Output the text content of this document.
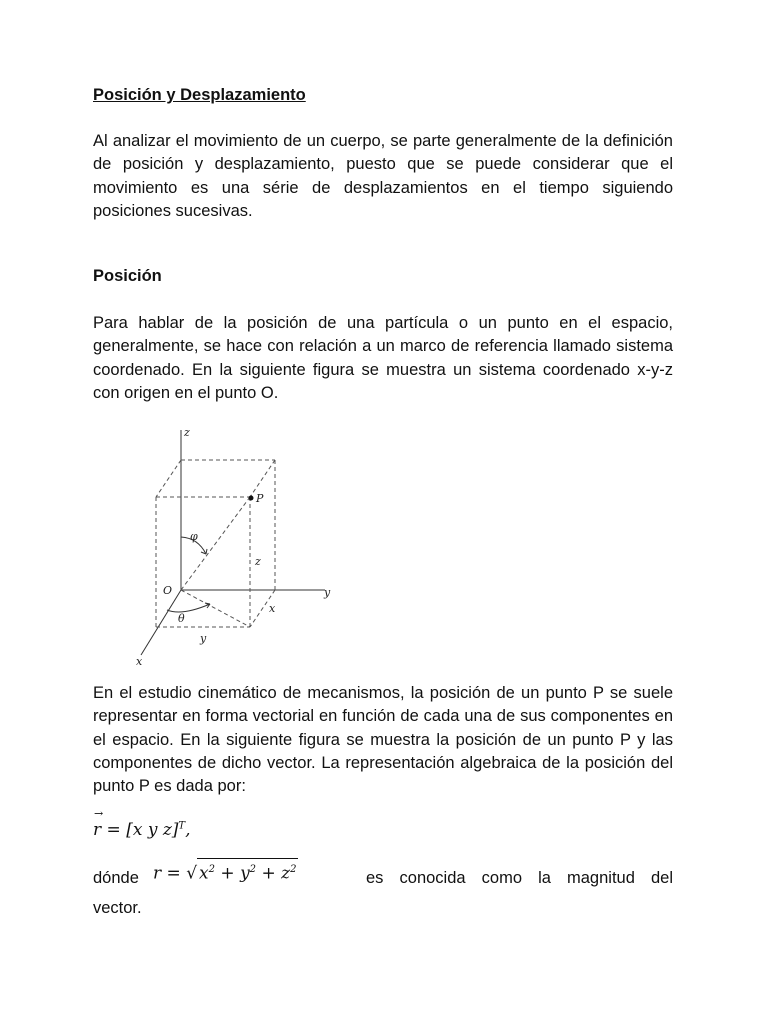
Posición y Desplazamiento

Al analizar el movimiento de un cuerpo, se parte generalmente de la definición de posición y desplazamiento, puesto que se puede considerar que el movimiento es una série de desplazamientos en el tiempo siguiendo posiciones sucesivas.

Posición

Para hablar de la posición de una partícula o un punto en el espacio, generalmente, se hace con relación a un marco de referencia llamado sistema coordenado. En la siguiente figura se muestra un sistema coordenado x-y-z con origen en el punto O.

z
y
x
O
P
φ
θ
z
x
y

En el estudio cinemático de mecanismos, la posición de un punto P se suele representar en forma vectorial en función de cada una de sus componentes en el espacio. En la siguiente figura se muestra la posición de un punto P y las componentes de dicho vector. La representación algebraica de la posición del punto P es dada por:

→
r = [x y z]$^T$,
dónde r = √ $x^2 + y^2 + z^2$	es conocida como la magnitud del
vector.
